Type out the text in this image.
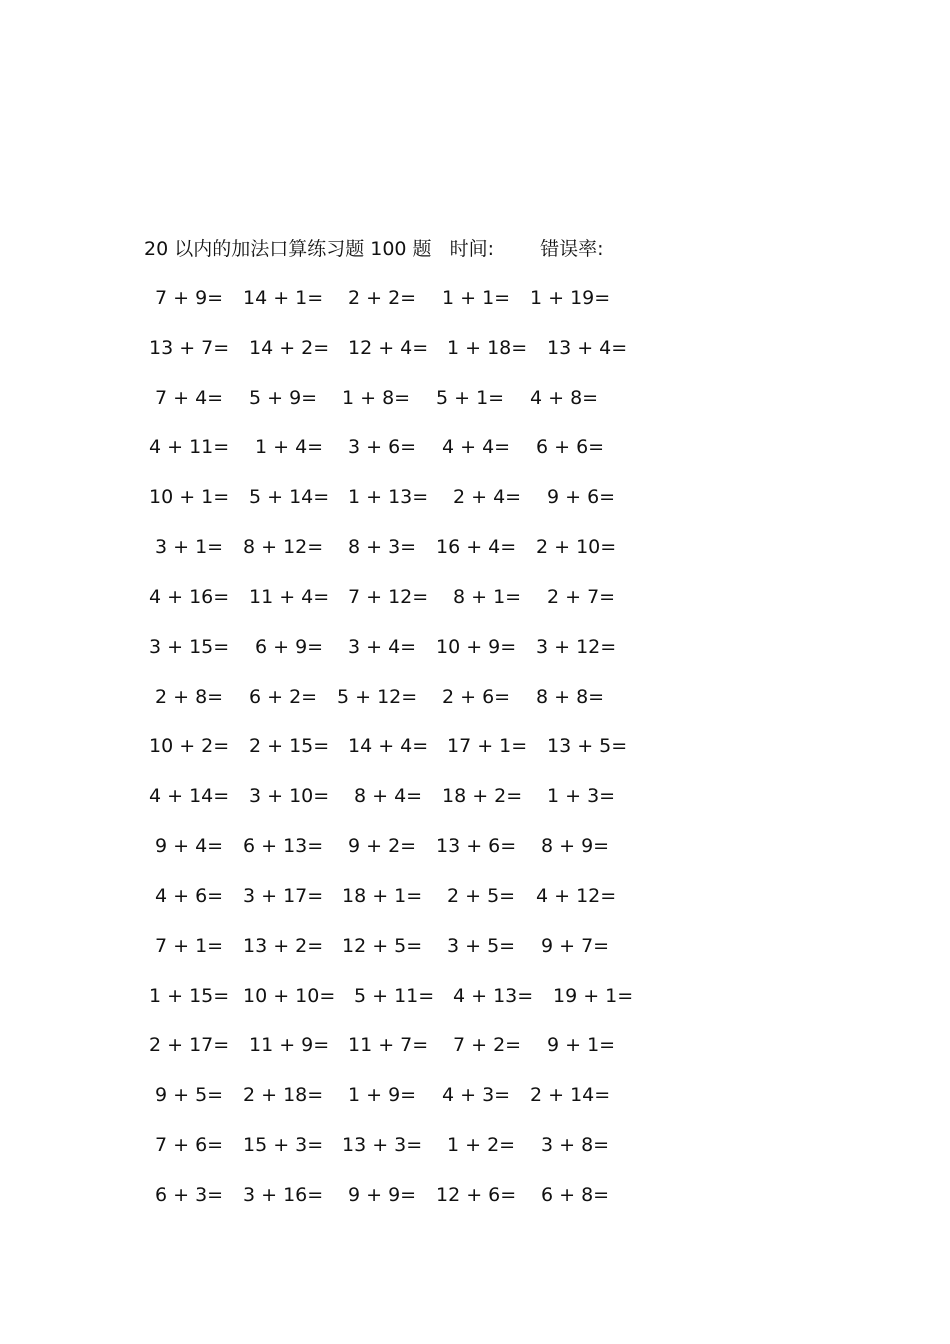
20 以内的加法口算练习题 100 题 时间: 错误率:
7 + 9= 14 + 1= 2 + 2= 1 + 1= 1 + 19=
13 + 7= 14 + 2= 12 + 4= 1 + 18= 13 + 4=
7 + 4= 5 + 9= 1 + 8= 5 + 1= 4 + 8=
4 + 11= 1 + 4= 3 + 6= 4 + 4= 6 + 6=
10 + 1= 5 + 14= 1 + 13= 2 + 4= 9 + 6=
3 + 1= 8 + 12= 8 + 3= 16 + 4= 2 + 10=
4 + 16= 11 + 4= 7 + 12= 8 + 1= 2 + 7=
3 + 15= 6 + 9= 3 + 4= 10 + 9= 3 + 12=
2 + 8= 6 + 2= 5 + 12= 2 + 6= 8 + 8=
10 + 2= 2 + 15= 14 + 4= 17 + 1= 13 + 5=
4 + 14= 3 + 10= 8 + 4= 18 + 2= 1 + 3=
9 + 4= 6 + 13= 9 + 2= 13 + 6= 8 + 9=
4 + 6= 3 + 17= 18 + 1= 2 + 5= 4 + 12=
7 + 1= 13 + 2= 12 + 5= 3 + 5= 9 + 7=
1 + 15= 10 + 10= 5 + 11= 4 + 13= 19 + 1=
2 + 17= 11 + 9= 11 + 7= 7 + 2= 9 + 1=
9 + 5= 2 + 18= 1 + 9= 4 + 3= 2 + 14=
7 + 6= 15 + 3= 13 + 3= 1 + 2= 3 + 8=
6 + 3= 3 + 16= 9 + 9= 12 + 6= 6 + 8=
